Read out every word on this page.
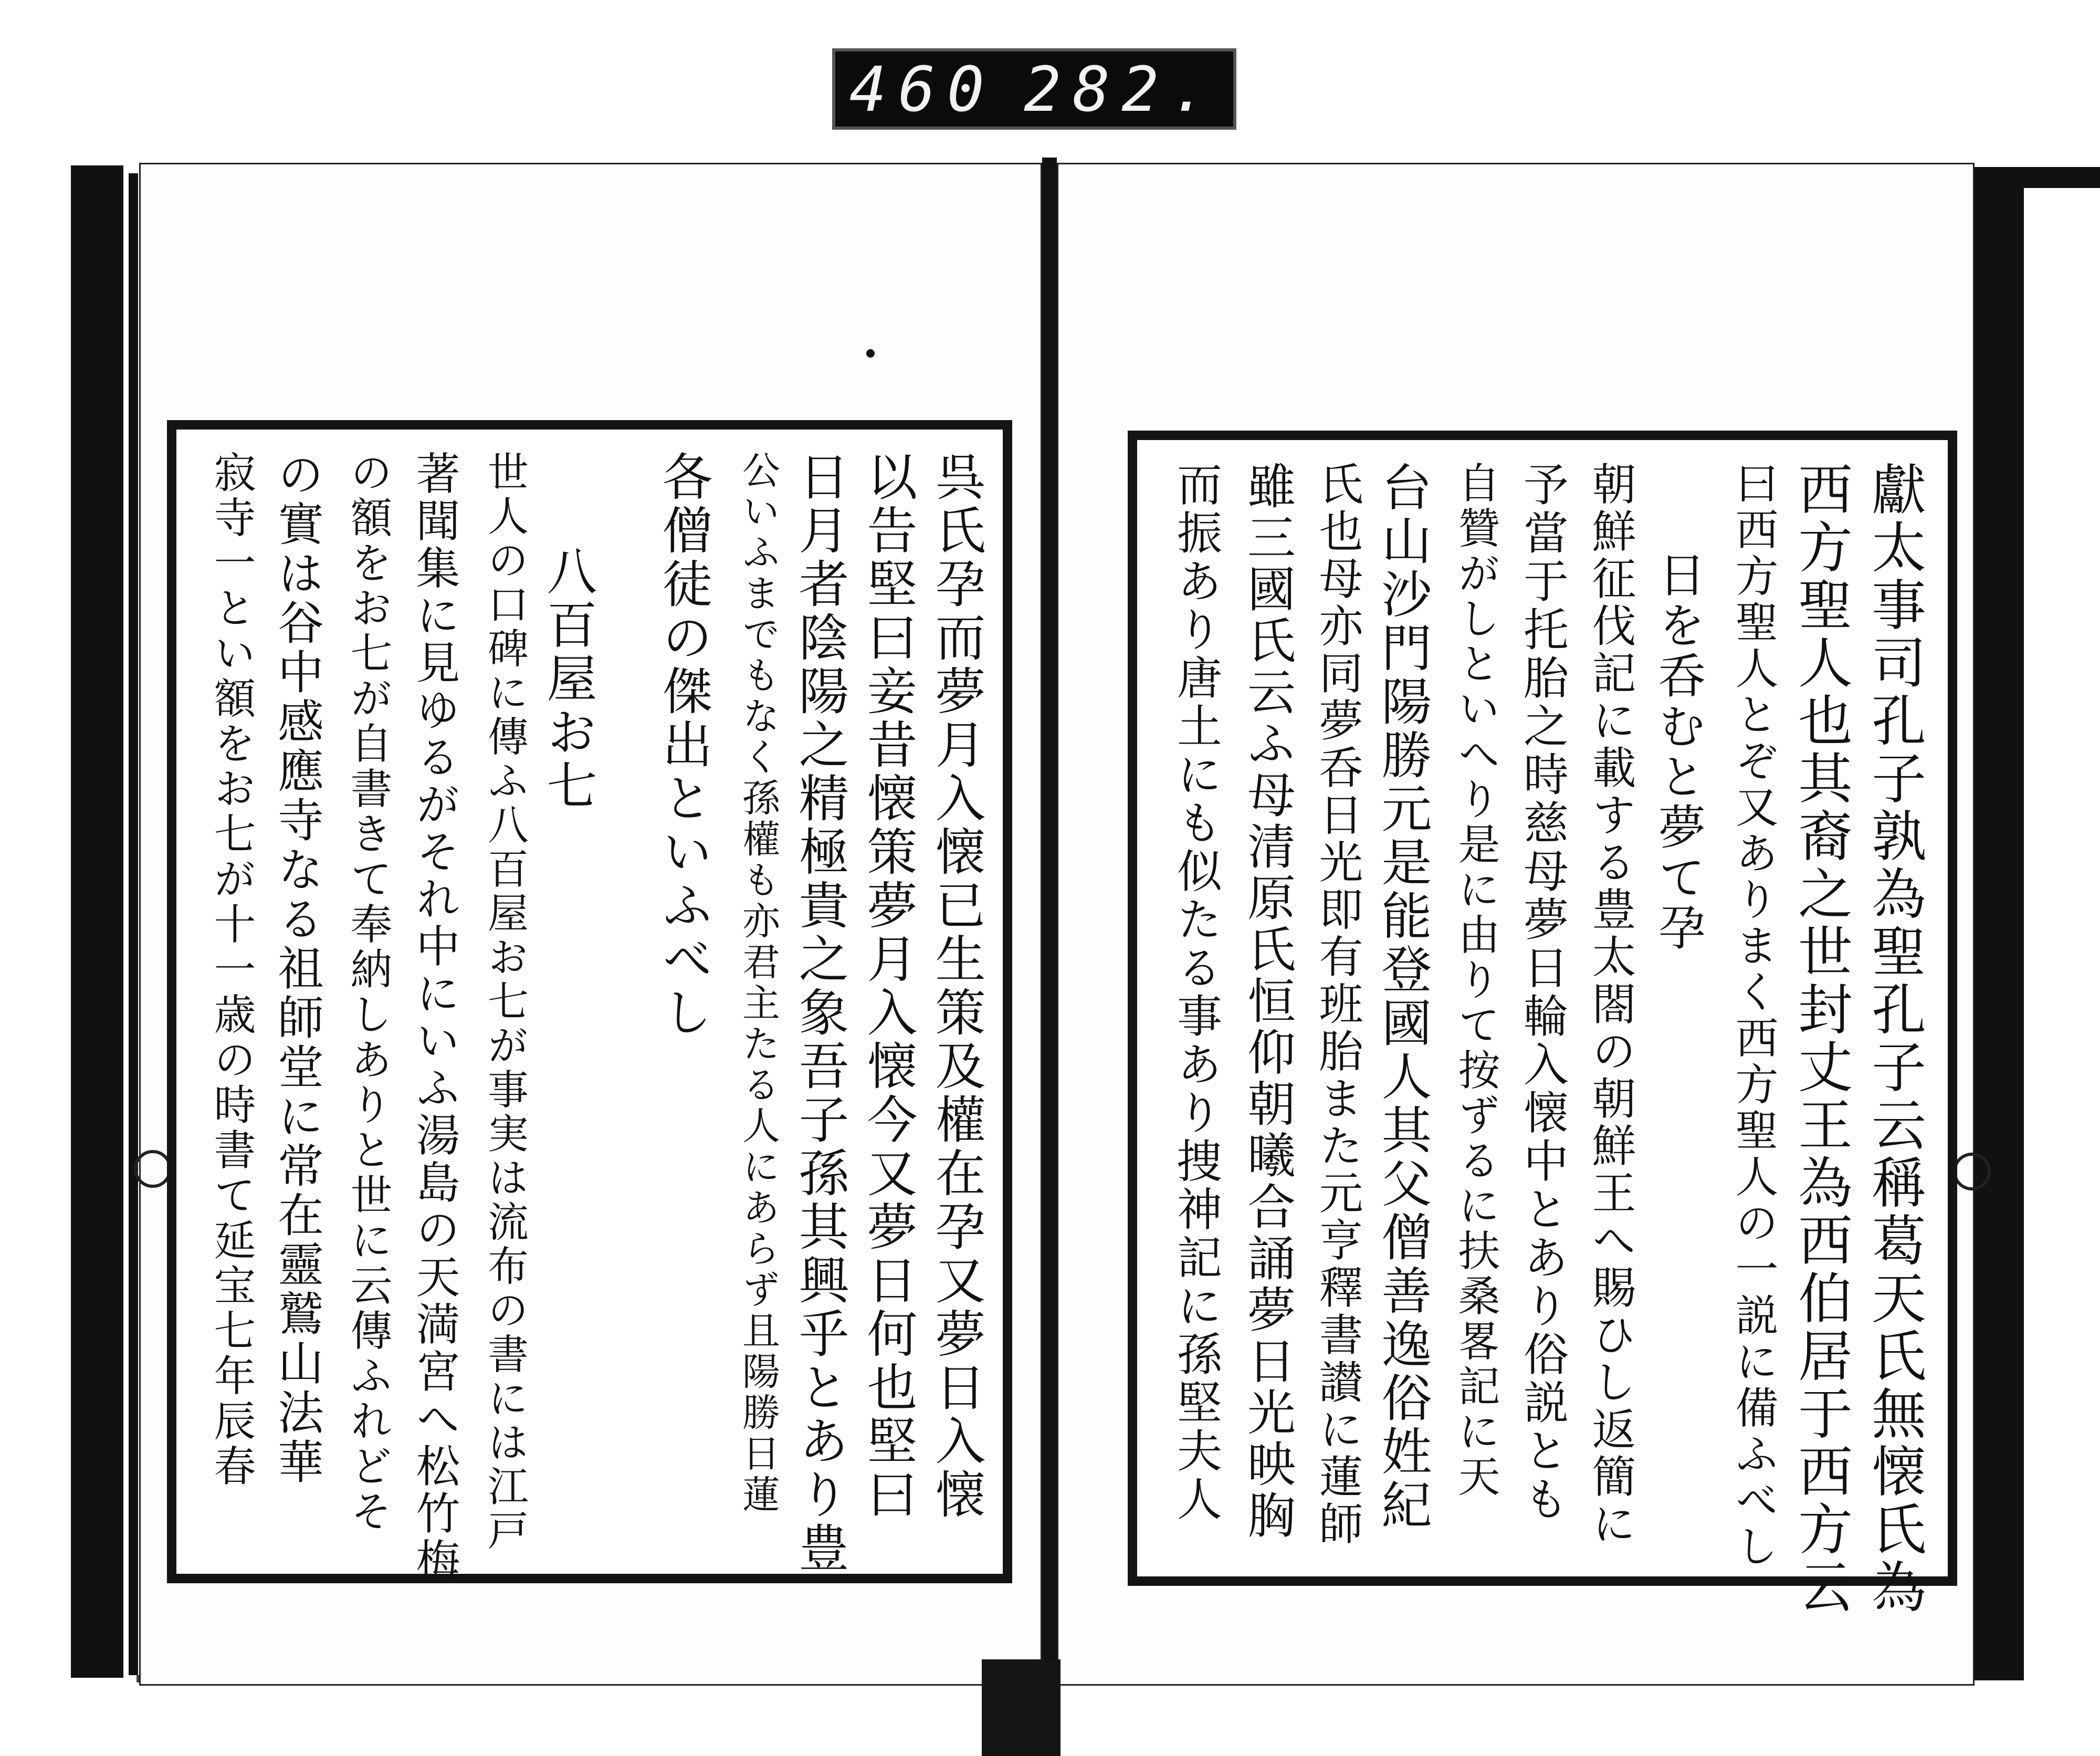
460 282.
獻太事司孔子孰為聖孔子云稱葛天氏無懐氏為
西方聖人也其裔之世封丈王為西伯居于西方云
曰西方聖人とぞ又ありまく西方聖人の一説に備ふべし
日を呑むと夢て孕
朝鮮征伐記に載する豊太閤の朝鮮王へ賜ひし返簡に
予當于托胎之時慈母夢日輪入懐中とあり俗説とも
自贊がしといへり是に由りて按ずるに扶桑畧記に天
台山沙門陽勝元是能登國人其父僧善逸俗姓紀
氏也母亦同夢呑日光即有班胎また元亨釋書讃に蓮師
雖三國氏云ふ母清原氏恒仰朝曦合誦夢日光映胸
而振あり唐土にも似たる事あり捜神記に孫堅夫人
呉氏孕而夢月入懐已生策及權在孕又夢日入懐
以告堅曰妾昔懐策夢月入懐今又夢日何也堅曰
日月者陰陽之精極貴之象吾子孫其興乎とあり豊
公いふまでもなく孫權も亦君主たる人にあらず且陽勝日蓮
各僧徒の傑出といふべし
八百屋お七
世人の口碑に傳ふ八百屋お七が事実は流布の書には江戸
著聞集に見ゆるがそれ中にいふ湯島の天満宮へ松竹梅
の額をお七が自書きて奉納しありと世に云傳ふれどそ
の實は谷中感應寺なる祖師堂に常在靈鷲山法華
寂寺一とい額をお七が十一歳の時書て延宝七年辰春
